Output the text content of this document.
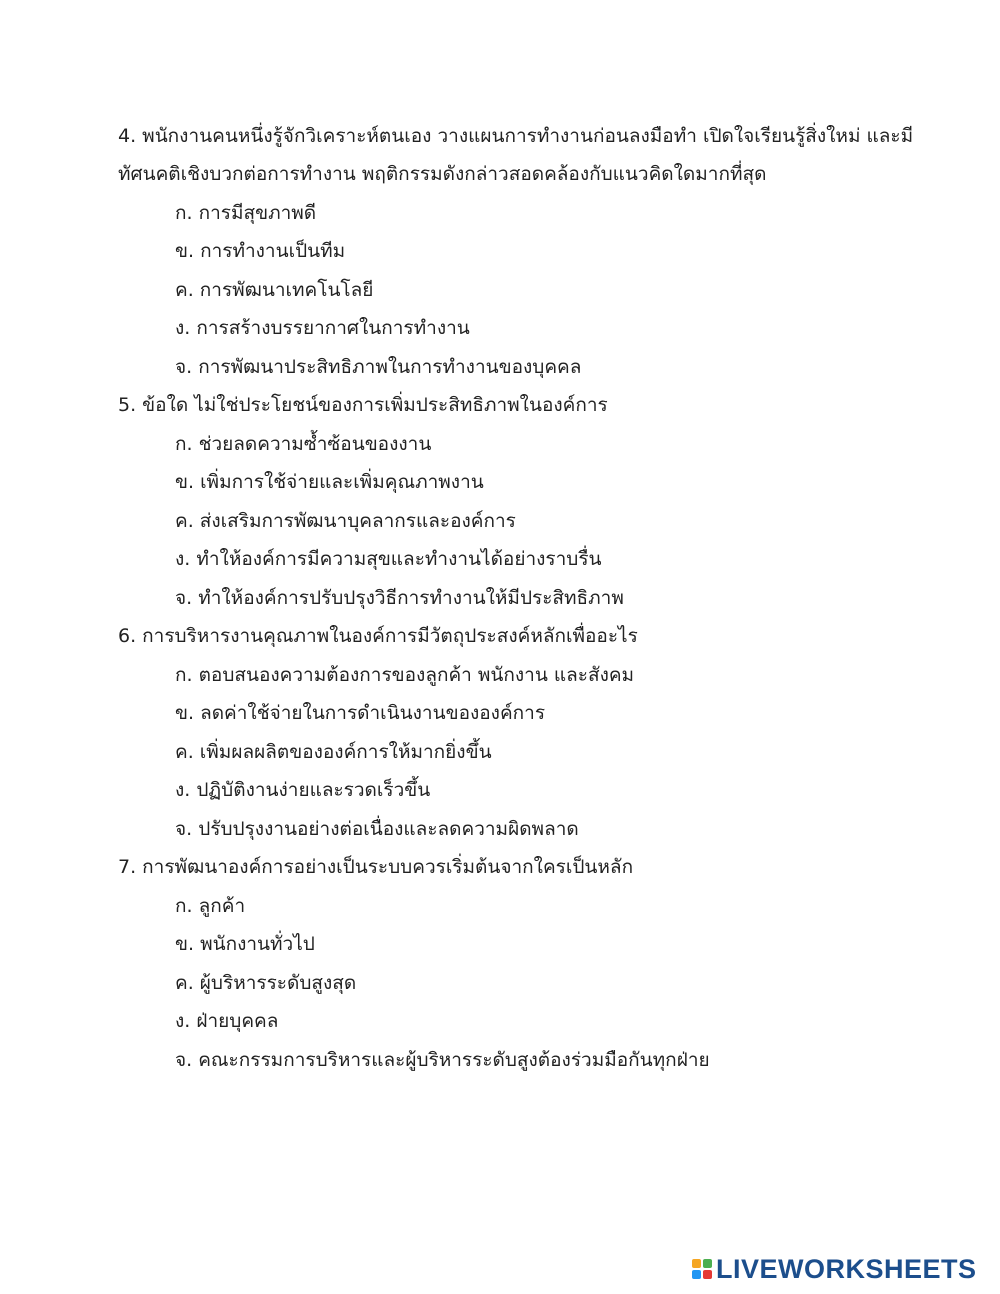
4. พนักงานคนหนึ่งรู้จักวิเคราะห์ตนเอง วางแผนการทำงานก่อนลงมือทำ เปิดใจเรียนรู้สิ่งใหม่ และมี
ทัศนคติเชิงบวกต่อการทำงาน พฤติกรรมดังกล่าวสอดคล้องกับแนวคิดใดมากที่สุด
ก. การมีสุขภาพดี
ข. การทำงานเป็นทีม
ค. การพัฒนาเทคโนโลยี
ง. การสร้างบรรยากาศในการทำงาน
จ. การพัฒนาประสิทธิภาพในการทำงานของบุคคล
5. ข้อใด ไม่ใช่ประโยชน์ของการเพิ่มประสิทธิภาพในองค์การ
ก. ช่วยลดความซ้ำซ้อนของงาน
ข. เพิ่มการใช้จ่ายและเพิ่มคุณภาพงาน
ค. ส่งเสริมการพัฒนาบุคลากรและองค์การ
ง. ทำให้องค์การมีความสุขและทำงานได้อย่างราบรื่น
จ. ทำให้องค์การปรับปรุงวิธีการทำงานให้มีประสิทธิภาพ
6. การบริหารงานคุณภาพในองค์การมีวัตถุประสงค์หลักเพื่ออะไร
ก. ตอบสนองความต้องการของลูกค้า พนักงาน และสังคม
ข. ลดค่าใช้จ่ายในการดำเนินงานขององค์การ
ค. เพิ่มผลผลิตขององค์การให้มากยิ่งขึ้น
ง. ปฏิบัติงานง่ายและรวดเร็วขึ้น
จ. ปรับปรุงงานอย่างต่อเนื่องและลดความผิดพลาด
7. การพัฒนาองค์การอย่างเป็นระบบควรเริ่มต้นจากใครเป็นหลัก
ก. ลูกค้า
ข. พนักงานทั่วไป
ค. ผู้บริหารระดับสูงสุด
ง. ฝ่ายบุคคล
จ. คณะกรรมการบริหารและผู้บริหารระดับสูงต้องร่วมมือกันทุกฝ่าย
LIVEWORKSHEETS
